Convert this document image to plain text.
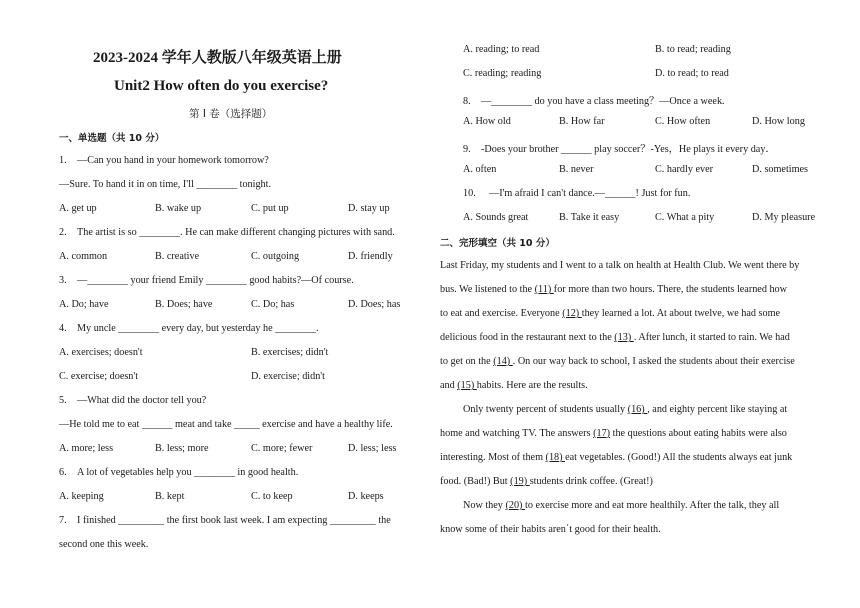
2023-2024 学年人教版八年级英语上册
Unit2 How often do you exercise?
第 I 卷（选择题）
一、单选题（共 10 分）
1. —Can you hand in your homework tomorrow?
—Sure. To hand it in on time, I'll ________ tonight.
A. get up	B. wake up	C. put up	D. stay up
2. The artist is so ________. He can make different changing pictures with sand.
A. common	B. creative	C. outgoing	D. friendly
3. —________ your friend Emily ________ good habits?—Of course.
A. Do; have	B. Does; have	C. Do; has	D. Does; has
4. My uncle ________ every day, but yesterday he ________.
A. exercises; doesn't	B. exercises; didn't
C. exercise; doesn't	D. exercise; didn't
5. —What did the doctor tell you?
—He told me to eat ______ meat and take _____ exercise and have a healthy life.
A. more; less	B. less; more	C. more; fewer	D. less; less
6. A lot of vegetables help you ________ in good health.
A. keeping	B. kept	C. to keep	D. keeps
7. I finished _________ the first book last week. I am expecting _________ the
second one this week.
A. reading; to read	B. to read; reading
C. reading; reading	D. to read; to read
8. —________ do you have a class meeting？—Once a week.
A. How old	B. How far	C. How often	D. How long
9. -Does your brother ______ play soccer？-Yes，He plays it every day．
A. often	B. never	C. hardly ever	D. sometimes
10. —I'm afraid I can't dance.—______! Just for fun.
A. Sounds great	B. Take it easy	C. What a pity	D. My pleasure
二、完形填空（共 10 分）
Last Friday, my students and I went to a talk on health at Health Club. We went there by
bus. We listened to the (11) for more than two hours. There, the students learned how
to eat and exercise. Everyone (12) they learned a lot. At about twelve, we had some
delicious food in the restaurant next to the (13) . After lunch, it started to rain. We had
to get on the (14) . On our way back to school, I asked the students about their exercise
and (15) habits. Here are the results.
Only twenty percent of students usually (16) , and eighty percent like staying at
home and watching TV. The answers (17) the questions about eating habits were also
interesting. Most of them (18) eat vegetables. (Good!) All the students always eat junk
food. (Bad!) But (19) students drink coffee. (Great!)
Now they (20) to exercise more and eat more healthily. After the talk, they all
know some of their habits aren΄t good for their health.
